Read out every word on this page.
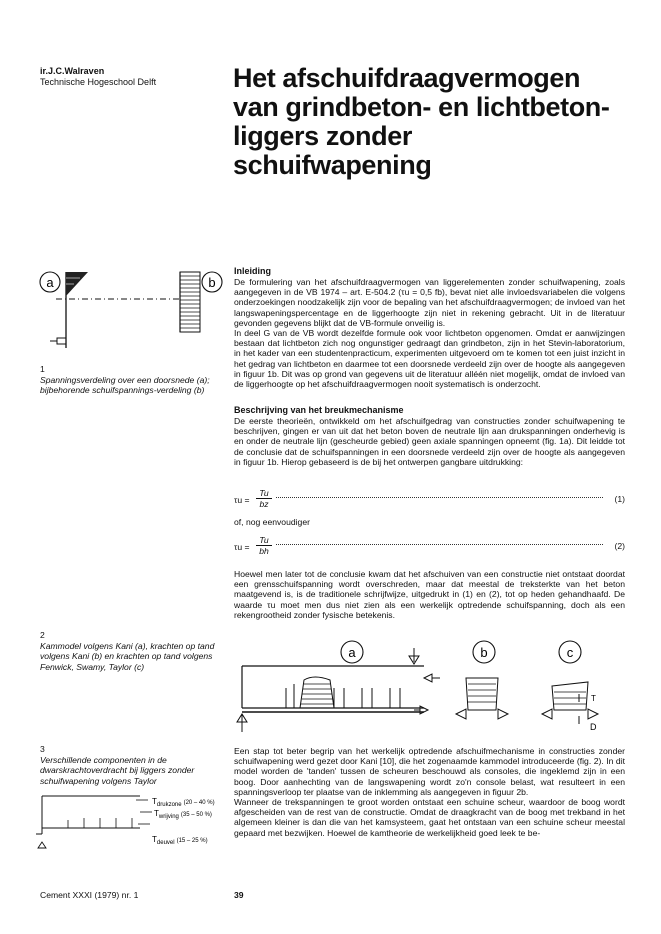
ir.J.C.Walraven
Technische Hogeschool Delft	Het afschuifdraagvermogen
van grindbeton- en lichtbeton-
liggers zonder
schuifwapening
a	b
1
Spanningsverdeling over een doorsnede (a); bijbehorende schuifspannings-verdeling (b)
2
Kammodel volgens Kani (a), krachten op tand volgens Kani (b) en krachten op tand volgens Fenwick, Swamy, Taylor (c)
a	b	c
T
D
3
Verschillende componenten in de dwarskrachtoverdracht bij liggers zonder schuifwapening volgens Taylor
$T_{drukzone}$ $^{(20 - 40 \%)}$
$T_{wrijving}$ $^{(35 - 50 \%)}$
$T_{deuvel}$ $^{(15 - 25 \%)}$
Inleiding

De formulering van het afschuifdraagvermogen van liggerelementen zonder schuifwapening, zoals aangegeven in de VB 1974 – art. E-504.2 (τu = 0,5 fb), bevat niet alle invloedsvariabelen die volgens onderzoekingen noodzakelijk zijn voor de bepaling van het afschuifdraagvermogen; de invloed van het langswapeningspercentage en de liggerhoogte zijn niet in rekening gebracht. Uit in de literatuur gevonden gegevens blijkt dat de VB-formule onveilig is.

In deel G van de VB wordt dezelfde formule ook voor lichtbeton opgenomen. Omdat er aanwijzingen bestaan dat lichtbeton zich nog ongunstiger gedraagt dan grindbeton, zijn in het Stevin-laboratorium, in het kader van een studentenpracticum, experimenten uitgevoerd om te komen tot een juist inzicht in het gedrag van lichtbeton en daarmee tot een doorsnede verdeeld zijn over de hoogte als aangegeven in figuur 1b. Dit was op grond van gegevens uit de literatuur alléén niet mogelijk, omdat de invloed van de liggerhoogte op het afschuifdraagvermogen nooit systematisch is onderzocht.

Beschrijving van het breukmechanisme

De eerste theorieën, ontwikkeld om het afschuifgedrag van constructies zonder schuifwapening te beschrijven, gingen er van uit dat het beton boven de neutrale lijn aan drukspanningen onderhevig is en onder de neutrale lijn (gescheurde gebied) geen axiale spanningen opneemt (fig. 1a). Dit leidde tot de conclusie dat de schuifspanningen in een doorsnede verdeeld zijn over de hoogte als aangegeven in figuur 1b. Hierop gebaseerd is de bij het ontwerpen gangbare uitdrukking:

$\tau u = \frac{Tu}{bz}$	(1)
of, nog eenvoudiger
$\tau u = \frac{Tu}{bh}$	(2)

Hoewel men later tot de conclusie kwam dat het afschuiven van een constructie niet ontstaat doordat een grensschuifspanning wordt overschreden, maar dat meestal de treksterkte van het beton maatgevend is, is de traditionele schrijfwijze, uitgedrukt in (1) en (2), tot op heden gehandhaafd. De waarde τu moet men dus niet zien als een werkelijk optredende schuifspanning, doch als een rekengrootheid zonder fysische betekenis.

Een stap tot beter begrip van het werkelijk optredende afschuifmechanisme in constructies zonder schuifwapening werd gezet door Kani [10], die het zogenaamde kammodel introduceerde (fig. 2). In dit model worden de 'tanden' tussen de scheuren beschouwd als consoles, die ingeklemd zijn in een boog. Door aanhechting van de langswapening wordt zo'n console belast, wat resulteert in een spanningsverloop ter plaatse van de inklemming als aangegeven in figuur 2b.

Wanneer de trekspanningen te groot worden ontstaat een schuine scheur, waardoor de boog wordt afgescheiden van de rest van de constructie. Omdat de draagkracht van de boog met trekband in het algemeen kleiner is dan die van het kamsysteem, gaat het ontstaan van een schuine scheur meestal gepaard met bezwijken. Hoewel de kamtheorie de werkelijkheid goed leek te be-

Cement XXXI (1979) nr. 1	39
